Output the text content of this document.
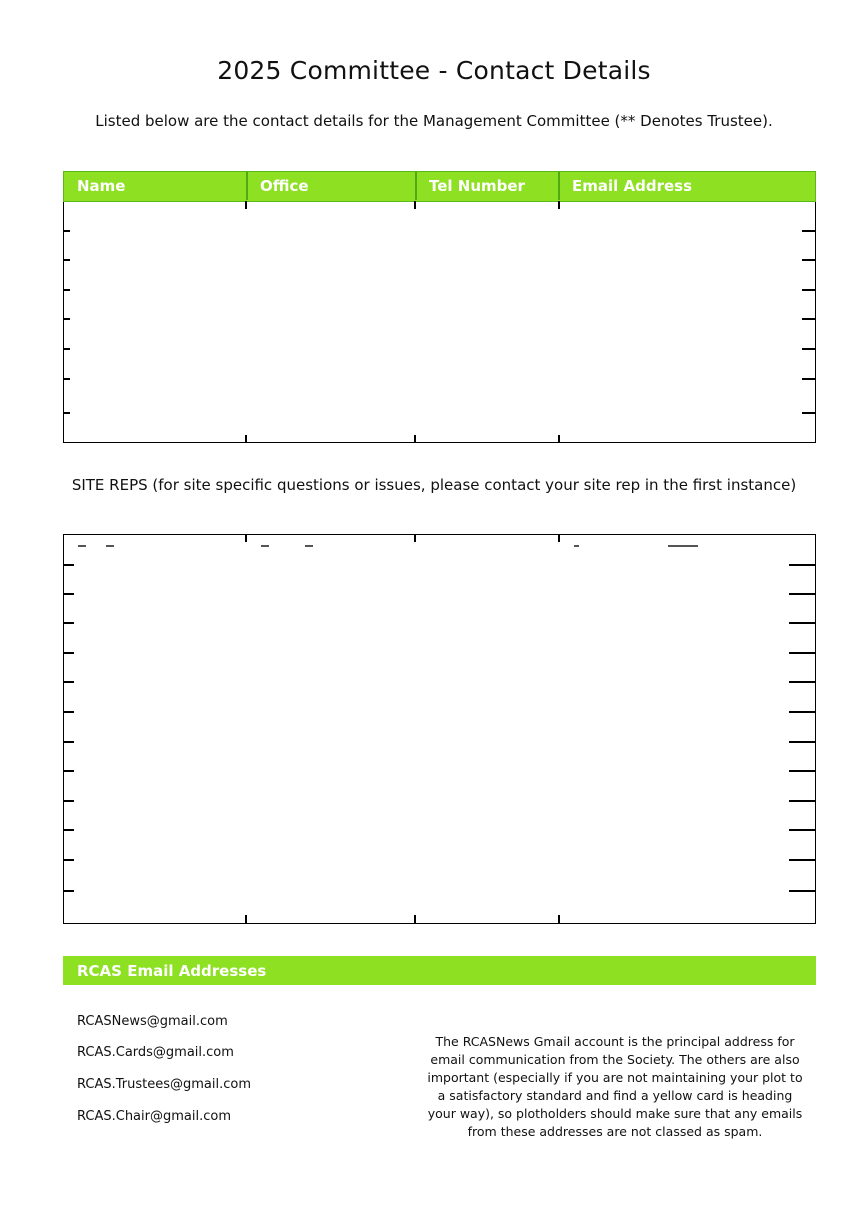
2025 Committee - Contact Details
Listed below are the contact details for the Management Committee (** Denotes Trustee).
Name	Office	Tel Number	Email Address
SITE REPS (for site specific questions or issues, please contact your site rep in the first instance)
RCAS Email Addresses
RCASNews@gmail.com
RCAS.Cards@gmail.com
RCAS.Trustees@gmail.com
RCAS.Chair@gmail.com
The RCASNews Gmail account is the principal address for email communication from the Society. The others are also important (especially if you are not maintaining your plot to a satisfactory standard and find a yellow card is heading your way), so plotholders should make sure that any emails from these addresses are not classed as spam.
